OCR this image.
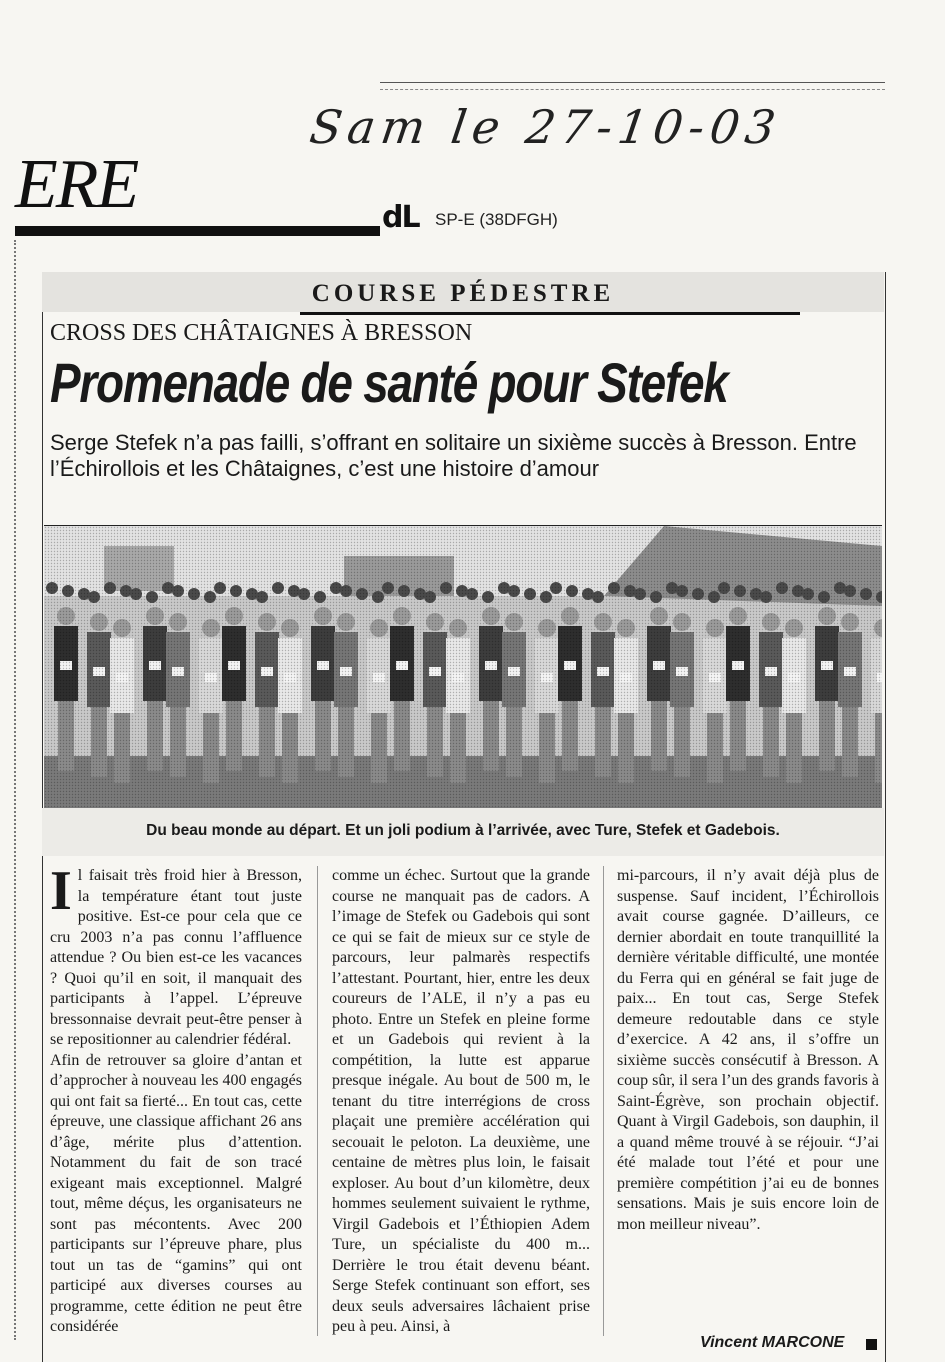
Sam le 27-10-03
ERE	dL SP-E (38DFGH)
COURSE PÉDESTRE
CROSS DES CHÂTAIGNES À BRESSON
Promenade de santé pour Stefek
Serge Stefek n’a pas failli, s’offrant en solitaire un sixième succès à Bresson. Entre l’Échirollois et les Châtaignes, c’est une histoire d’amour
Du beau monde au départ. Et un joli podium à l’arrivée, avec Ture, Stefek et Gadebois.

Il faisait très froid hier à Bresson, la température étant tout juste positive. Est-ce pour cela que ce cru 2003 n’a pas connu l’affluence attendue ? Ou bien est-ce les vacances ? Quoi qu’il en soit, il manquait des participants à l’appel. L’épreuve bressonnaise devrait peut-être penser à se repositionner au calendrier fédéral.

Afin de retrouver sa gloire d’antan et d’approcher à nouveau les 400 engagés qui ont fait sa fierté... En tout cas, cette épreuve, une classique affichant 26 ans d’âge, mérite plus d’attention. Notamment du fait de son tracé exigeant mais exceptionnel. Malgré tout, même déçus, les organisateurs ne sont pas mécontents. Avec 200 participants sur l’épreuve phare, plus tout un tas de “gamins” qui ont participé aux diverses courses au programme, cette édition ne peut être considérée

comme un échec. Surtout que la grande course ne manquait pas de cadors. A l’image de Stefek ou Gadebois qui sont ce qui se fait de mieux sur ce style de parcours, leur palmarès respectifs l’attestant. Pourtant, hier, entre les deux coureurs de l’ALE, il n’y a pas eu photo. Entre un Stefek en pleine forme et un Gadebois qui revient à la compétition, la lutte est apparue presque inégale. Au bout de 500 m, le tenant du titre interrégions de cross plaçait une première accélération qui secouait le peloton. La deuxième, une centaine de mètres plus loin, le faisait exploser. Au bout d’un kilomètre, deux hommes seulement suivaient le rythme, Virgil Gadebois et l’Éthiopien Adem Ture, un spécialiste du 400 m... Derrière le trou était devenu béant. Serge Stefek continuant son effort, ses deux seuls adversaires lâchaient prise peu à peu. Ainsi, à

mi-parcours, il n’y avait déjà plus de suspense. Sauf incident, l’Échirollois avait course gagnée. D’ailleurs, ce dernier abordait en toute tranquillité la dernière véritable difficulté, une montée du Ferra qui en général se fait juge de paix... En tout cas, Serge Stefek demeure redoutable dans ce style d’exercice. A 42 ans, il s’offre un sixième succès consécutif à Bresson. A coup sûr, il sera l’un des grands favoris à Saint-Égrève, son prochain objectif. Quant à Virgil Gadebois, son dauphin, il a quand même trouvé à se réjouir. “J’ai été malade tout l’été et pour une première compétition j’ai eu de bonnes sensations. Mais je suis encore loin de mon meilleur niveau”.

Vincent MARCONE
